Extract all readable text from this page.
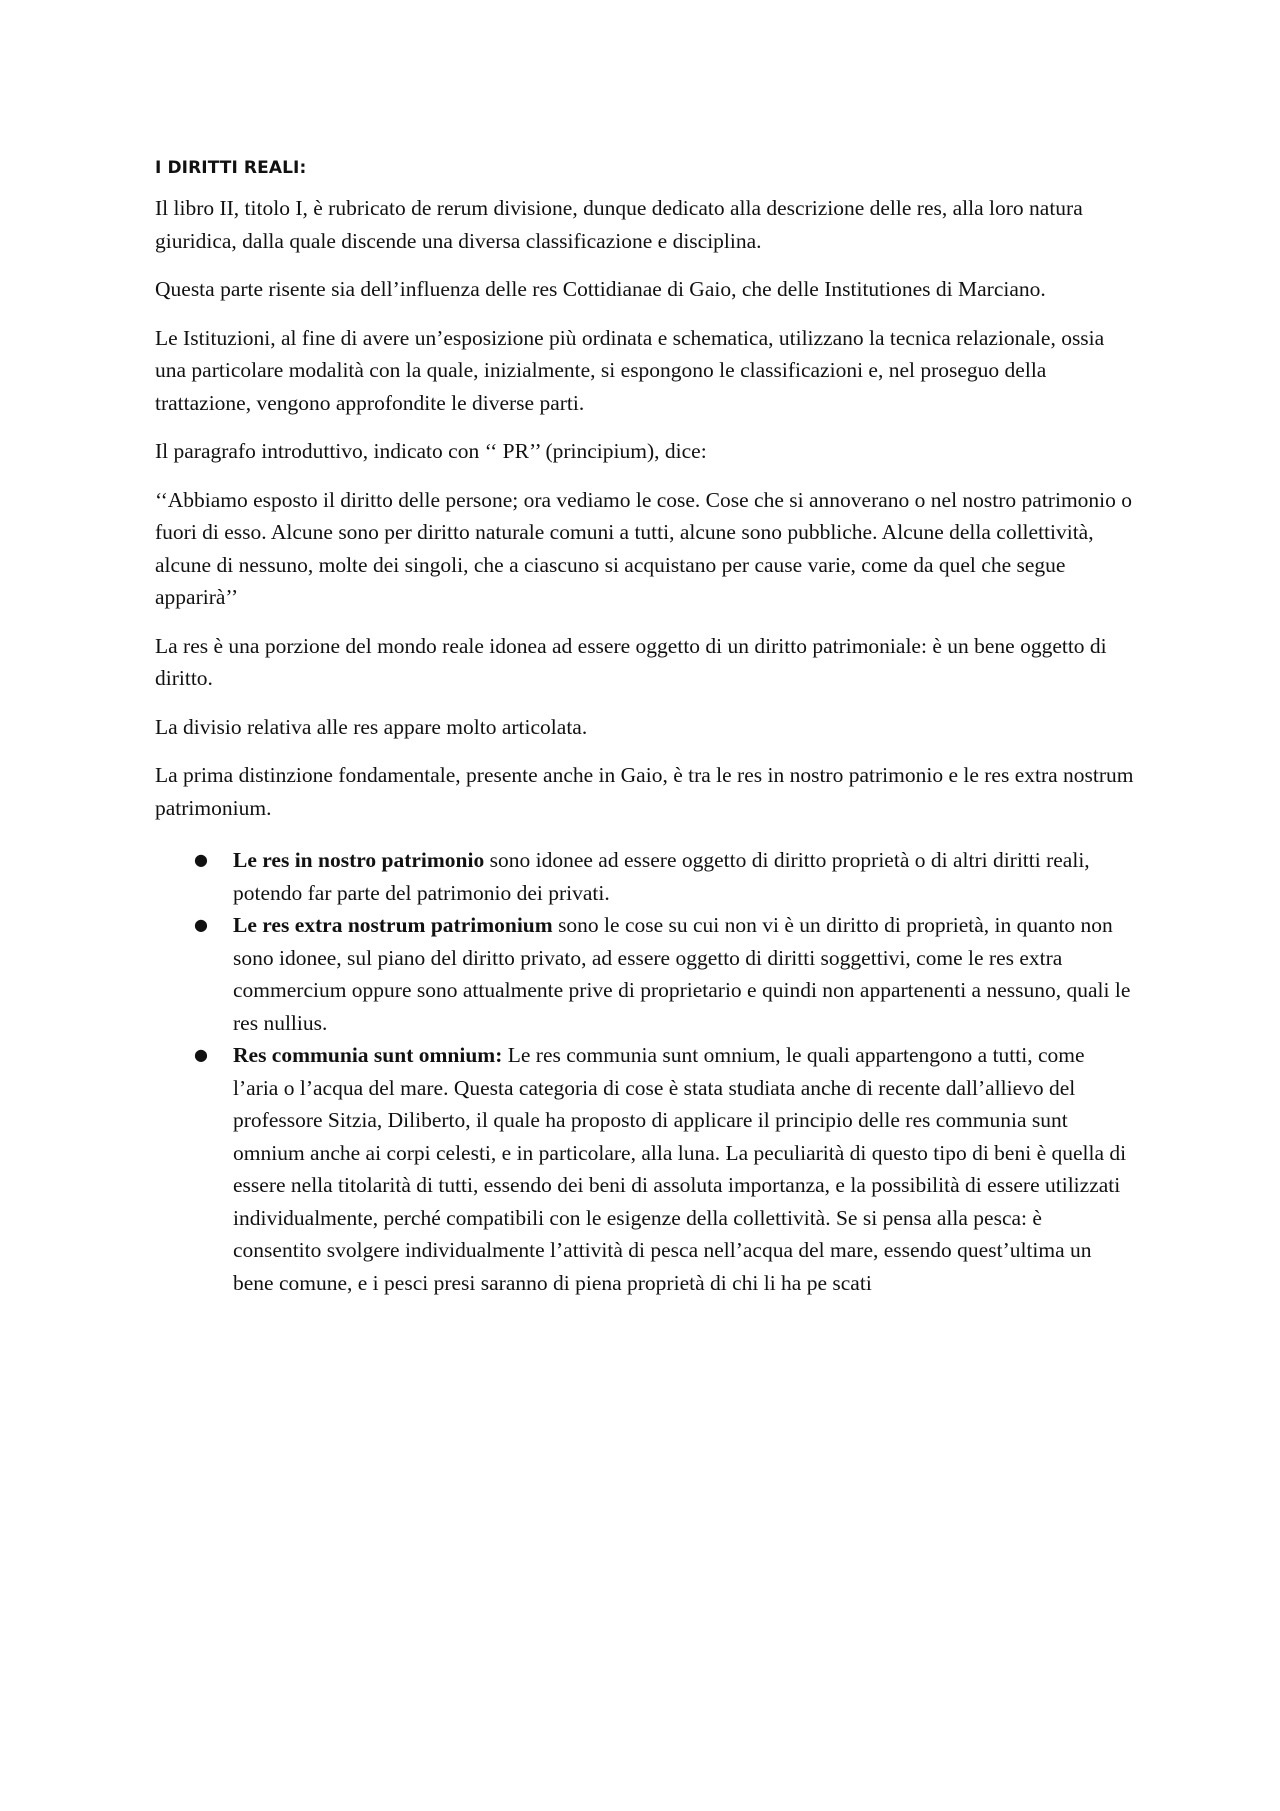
I DIRITTI REALI:

Il libro II, titolo I, è rubricato de rerum divisione, dunque dedicato alla descrizione delle res, alla loro natura giuridica, dalla quale discende una diversa classificazione e disciplina.

Questa parte risente sia dell’influenza delle res Cottidianae di Gaio, che delle Institutiones di Marciano.

Le Istituzioni, al fine di avere un’esposizione più ordinata e schematica, utilizzano la tecnica relazionale, ossia una particolare modalità con la quale, inizialmente, si espongono le classificazioni e, nel proseguo della trattazione, vengono approfondite le diverse parti.

Il paragrafo introduttivo, indicato con ‘‘ PR’’ (principium), dice:

‘‘Abbiamo esposto il diritto delle persone; ora vediamo le cose. Cose che si annoverano o nel nostro patrimonio o fuori di esso. Alcune sono per diritto naturale comuni a tutti, alcune sono pubbliche. Alcune della collettività, alcune di nessuno, molte dei singoli, che a ciascuno si acquistano per cause varie, come da quel che segue apparirà’’

La res è una porzione del mondo reale idonea ad essere oggetto di un diritto patrimoniale: è un bene oggetto di diritto.

La divisio relativa alle res appare molto articolata.

La prima distinzione fondamentale, presente anche in Gaio, è tra le res in nostro patrimonio e le res extra nostrum patrimonium.

● Le res in nostro patrimonio sono idonee ad essere oggetto di diritto proprietà o di altri diritti reali, potendo far parte del patrimonio dei privati.
● Le res extra nostrum patrimonium sono le cose su cui non vi è un diritto di proprietà, in quanto non sono idonee, sul piano del diritto privato, ad essere oggetto di diritti soggettivi, come le res extra commercium oppure sono attualmente prive di proprietario e quindi non appartenenti a nessuno, quali le res nullius.
● Res communia sunt omnium: Le res communia sunt omnium, le quali appartengono a tutti, come l’aria o l’acqua del mare. Questa categoria di cose è stata studiata anche di recente dall’allievo del professore Sitzia, Diliberto, il quale ha proposto di applicare il principio delle res communia sunt omnium anche ai corpi celesti, e in particolare, alla luna. La peculiarità di questo tipo di beni è quella di essere nella titolarità di tutti, essendo dei beni di assoluta importanza, e la possibilità di essere utilizzati individualmente, perché compatibili con le esigenze della collettività. Se si pensa alla pesca: è consentito svolgere individualmente l’attività di pesca nell’acqua del mare, essendo quest’ultima un bene comune, e i pesci presi saranno di piena proprietà di chi li ha pe scati
